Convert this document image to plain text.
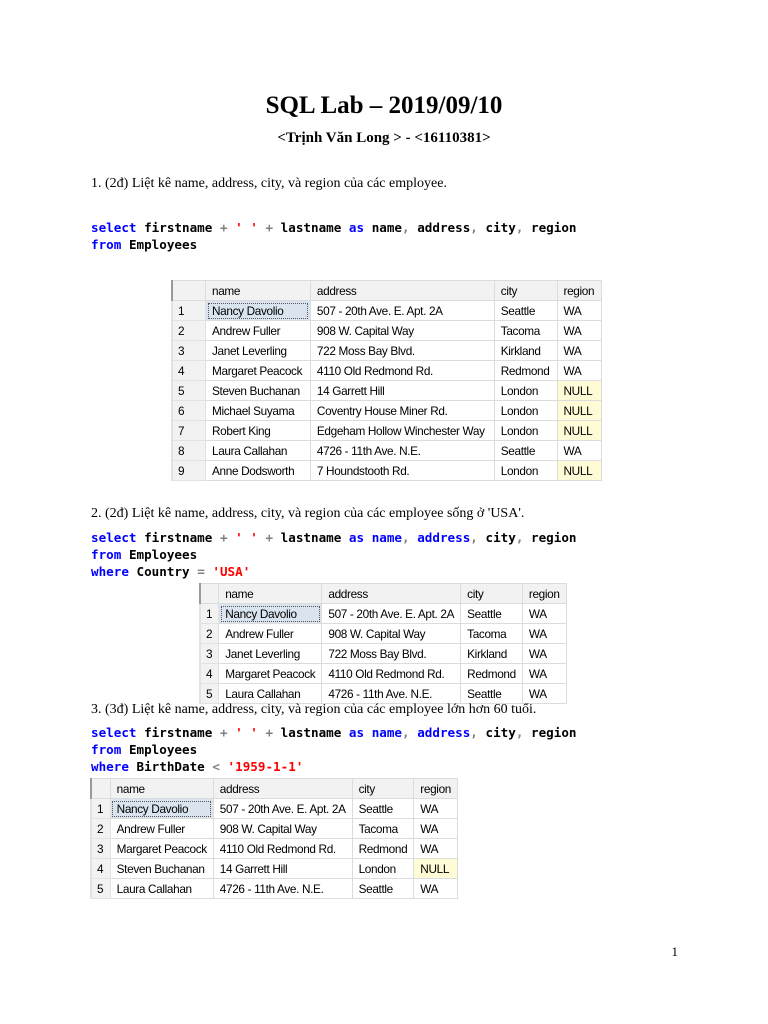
SQL Lab – 2019/09/10
<Trịnh Văn Long > - <16110381>
1. (2đ) Liệt kê name, address, city, và region của các employee.
select firstname + ' ' + lastname as name, address, city, region
from Employees
	name	address	city	region
1	Nancy Davolio	507 - 20th Ave. E. Apt. 2A	Seattle	WA
2	Andrew Fuller	908 W. Capital Way	Tacoma	WA
3	Janet Leverling	722 Moss Bay Blvd.	Kirkland	WA
4	Margaret Peacock	4110 Old Redmond Rd.	Redmond	WA
5	Steven Buchanan	14 Garrett Hill	London	NULL
6	Michael Suyama	Coventry House Miner Rd.	London	NULL
7	Robert King	Edgeham Hollow Winchester Way	London	NULL
8	Laura Callahan	4726 - 11th Ave. N.E.	Seattle	WA
9	Anne Dodsworth	7 Houndstooth Rd.	London	NULL
2. (2đ) Liệt kê name, address, city, và region của các employee sống ở 'USA'.
select firstname + ' ' + lastname as name, address, city, region
from Employees
where Country = 'USA'
	name	address	city	region
1	Nancy Davolio	507 - 20th Ave. E. Apt. 2A	Seattle	WA
2	Andrew Fuller	908 W. Capital Way	Tacoma	WA
3	Janet Leverling	722 Moss Bay Blvd.	Kirkland	WA
4	Margaret Peacock	4110 Old Redmond Rd.	Redmond	WA
5	Laura Callahan	4726 - 11th Ave. N.E.	Seattle	WA
3. (3đ) Liệt kê name, address, city, và region của các employee lớn hơn 60 tuổi.
select firstname + ' ' + lastname as name, address, city, region
from Employees
where BirthDate < '1959-1-1'
	name	address	city	region
1	Nancy Davolio	507 - 20th Ave. E. Apt. 2A	Seattle	WA
2	Andrew Fuller	908 W. Capital Way	Tacoma	WA
3	Margaret Peacock	4110 Old Redmond Rd.	Redmond	WA
4	Steven Buchanan	14 Garrett Hill	London	NULL
5	Laura Callahan	4726 - 11th Ave. N.E.	Seattle	WA
1
